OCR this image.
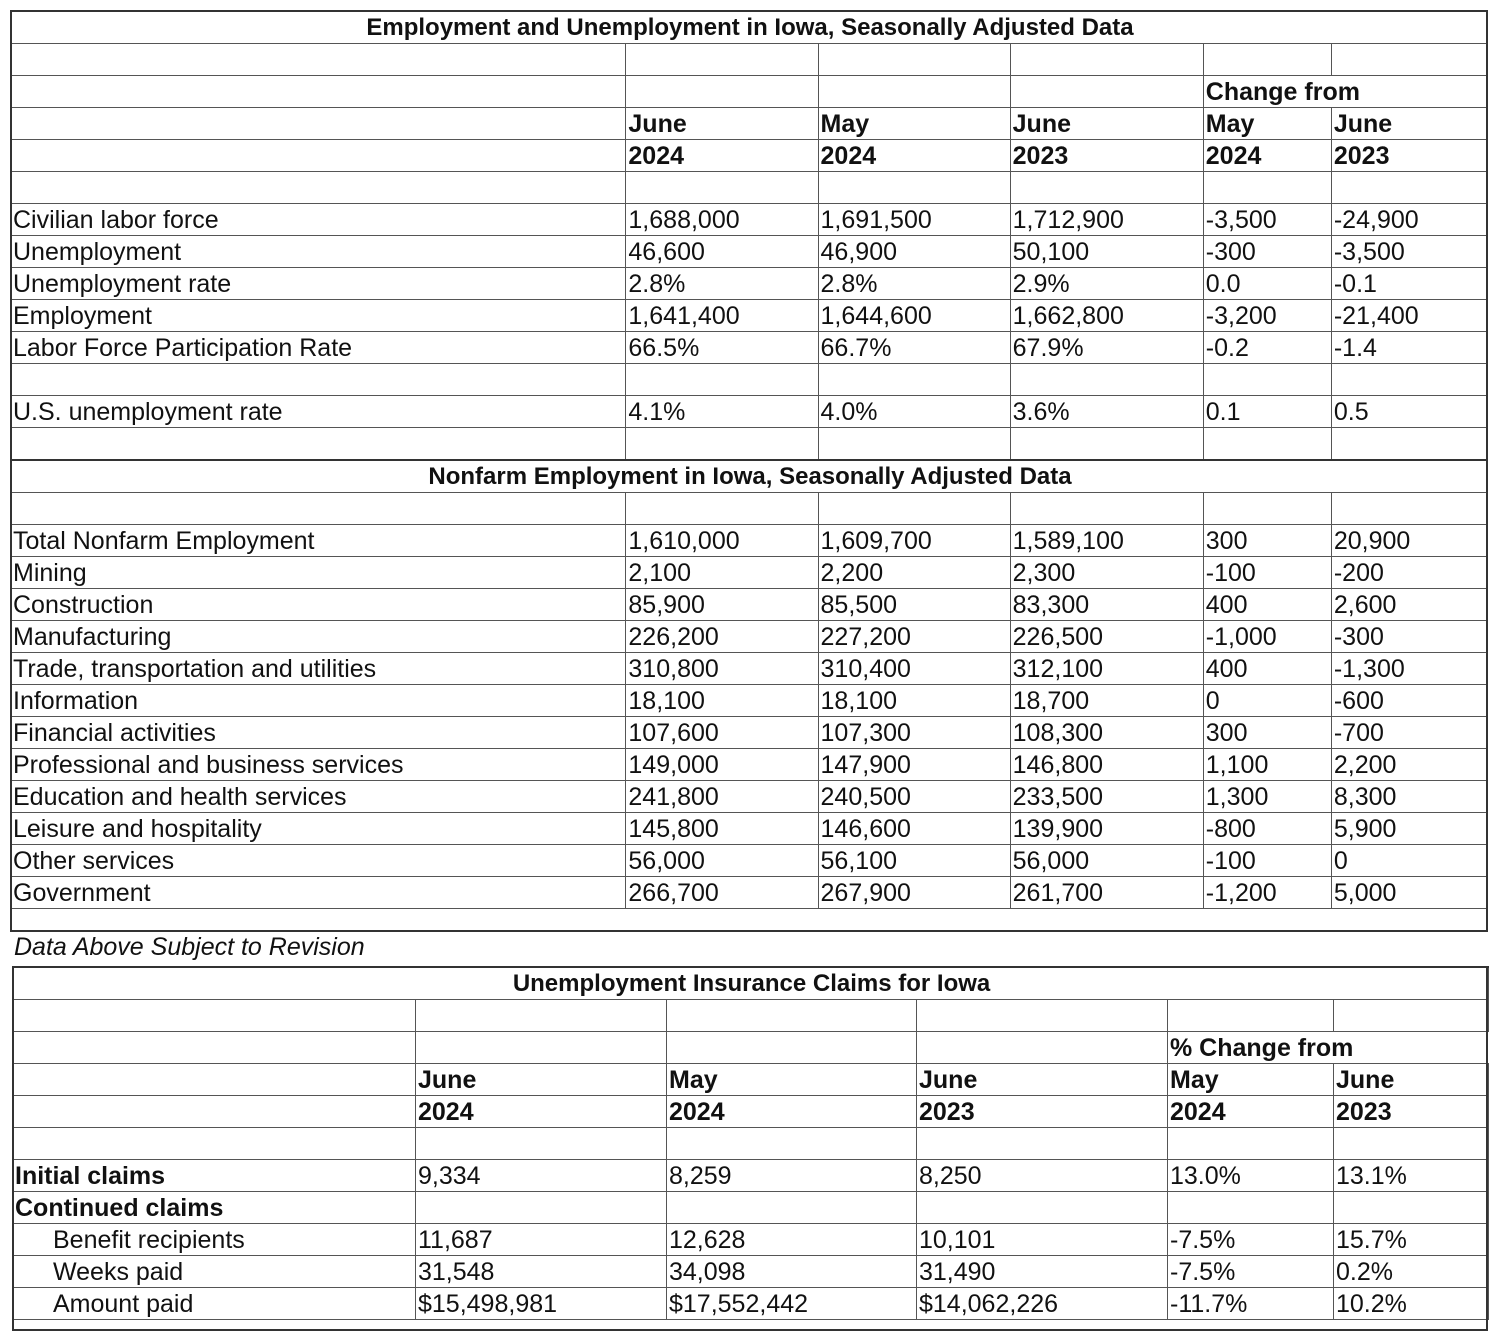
Employment and Unemployment in Iowa, Seasonally Adjusted Data					

				Change from	
	June	May	June	May	June
	2024	2024	2023	2024	2023

Civilian labor force	1,688,000	1,691,500	1,712,900	-3,500	-24,900
Unemployment	46,600	46,900	50,100	-300	-3,500
Unemployment rate	2.8%	2.8%	2.9%	0.0	-0.1
Employment	1,641,400	1,644,600	1,662,800	-3,200	-21,400
Labor Force Participation Rate	66.5%	66.7%	67.9%	-0.2	-1.4

U.S. unemployment rate	4.1%	4.0%	3.6%	0.1	0.5

Nonfarm Employment in Iowa, Seasonally Adjusted Data					

Total Nonfarm Employment	1,610,000	1,609,700	1,589,100	300	20,900
Mining	2,100	2,200	2,300	-100	-200
Construction	85,900	85,500	83,300	400	2,600
Manufacturing	226,200	227,200	226,500	-1,000	-300
Trade, transportation and utilities	310,800	310,400	312,100	400	-1,300
Information	18,100	18,100	18,700	0	-600
Financial activities	107,600	107,300	108,300	300	-700
Professional and business services	149,000	147,900	146,800	1,100	2,200
Education and health services	241,800	240,500	233,500	1,300	8,300
Leisure and hospitality	145,800	146,600	139,900	-800	5,900
Other services	56,000	56,100	56,000	-100	0
Government	266,700	267,900	261,700	-1,200	5,000
Data Above Subject to Revision
Unemployment Insurance Claims for Iowa					

				% Change from	
	June	May	June	May	June
	2024	2024	2023	2024	2023

Initial claims	9,334	8,259	8,250	13.0%	13.1%
Continued claims					
Benefit recipients	11,687	12,628	10,101	-7.5%	15.7%
Weeks paid	31,548	34,098	31,490	-7.5%	0.2%
Amount paid	$15,498,981	$17,552,442	$14,062,226	-11.7%	10.2%
